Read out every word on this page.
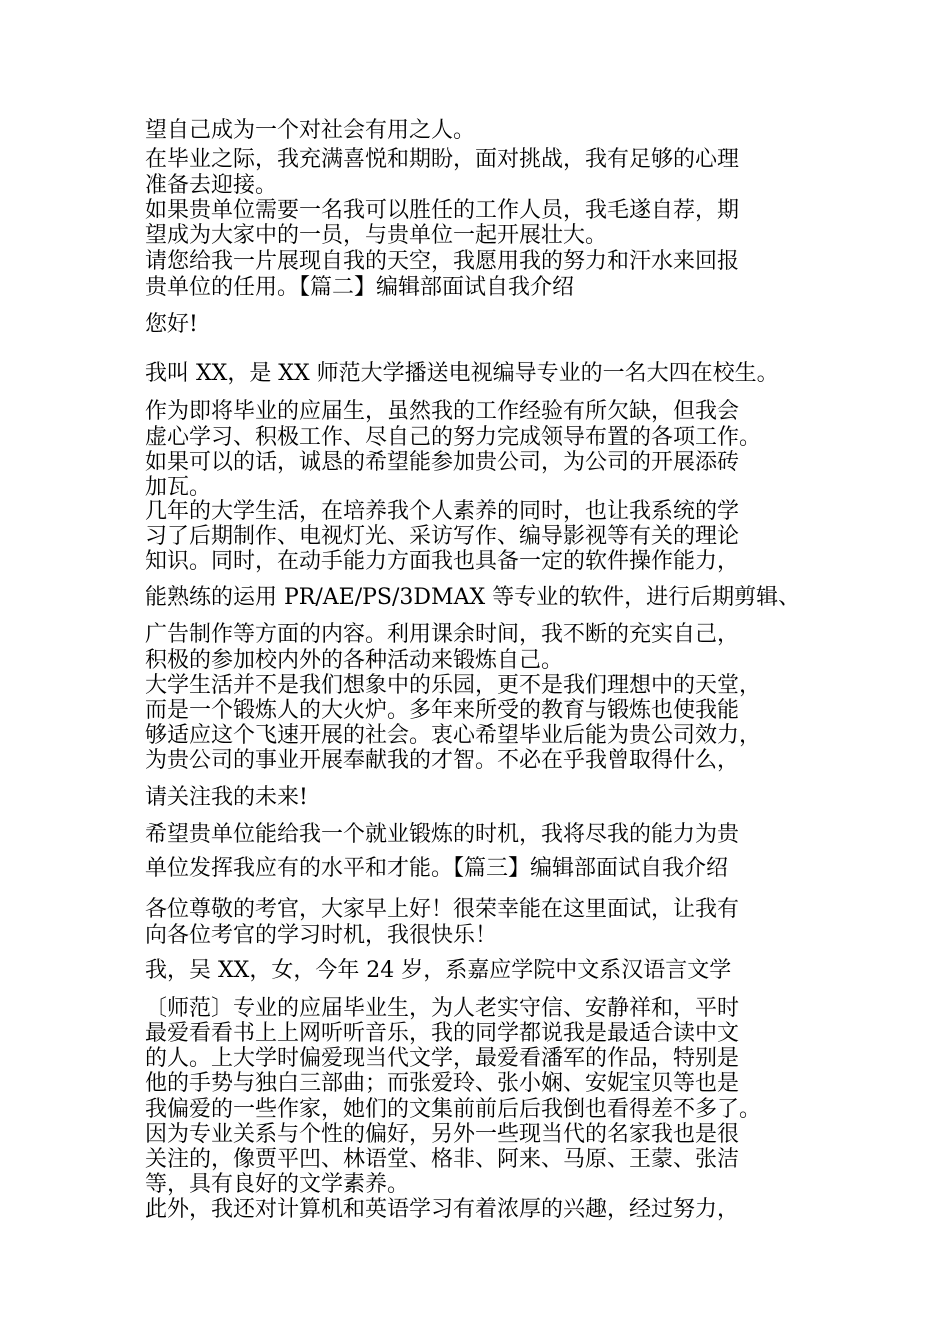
望自己成为一个对社会有用之人。
在毕业之际，我充满喜悦和期盼，面对挑战，我有足够的心理
准备去迎接。
如果贵单位需要一名我可以胜任的工作人员，我毛遂自荐，期
望成为大家中的一员，与贵单位一起开展壮大。
请您给我一片展现自我的天空，我愿用我的努力和汗水来回报
贵单位的任用。【篇二】编辑部面试自我介绍
您好!
我叫 XX，是 XX 师范大学播送电视编导专业的一名大四在校生。
作为即将毕业的应届生，虽然我的工作经验有所欠缺，但我会
虚心学习、积极工作、尽自己的努力完成领导布置的各项工作。
如果可以的话，诚恳的希望能参加贵公司，为公司的开展添砖
加瓦。
几年的大学生活，在培养我个人素养的同时，也让我系统的学
习了后期制作、电视灯光、采访写作、编导影视等有关的理论
知识。同时，在动手能力方面我也具备一定的软件操作能力，
能熟练的运用 PR/AE/PS/3DMAX 等专业的软件，进行后期剪辑、
广告制作等方面的内容。利用课余时间，我不断的充实自己，
积极的参加校内外的各种活动来锻炼自己。
大学生活并不是我们想象中的乐园，更不是我们理想中的天堂，
而是一个锻炼人的大火炉。多年来所受的教育与锻炼也使我能
够适应这个飞速开展的社会。衷心希望毕业后能为贵公司效力，
为贵公司的事业开展奉献我的才智。不必在乎我曾取得什么，
请关注我的未来!
希望贵单位能给我一个就业锻炼的时机，我将尽我的能力为贵
单位发挥我应有的水平和才能。【篇三】编辑部面试自我介绍
各位尊敬的考官，大家早上好！很荣幸能在这里面试，让我有
向各位考官的学习时机，我很快乐！
我，吴 XX，女，今年 24 岁，系嘉应学院中文系汉语言文学
〔师范〕专业的应届毕业生，为人老实守信、安静祥和，平时
最爱看看书上上网听听音乐，我的同学都说我是最适合读中文
的人。上大学时偏爱现当代文学，最爱看潘军的作品，特别是
他的手势与独白三部曲；而张爱玲、张小娴、安妮宝贝等也是
我偏爱的一些作家，她们的文集前前后后我倒也看得差不多了。
因为专业关系与个性的偏好，另外一些现当代的名家我也是很
关注的，像贾平凹、林语堂、格非、阿来、马原、王蒙、张洁
等，具有良好的文学素养。
此外，我还对计算机和英语学习有着浓厚的兴趣，经过努力，
